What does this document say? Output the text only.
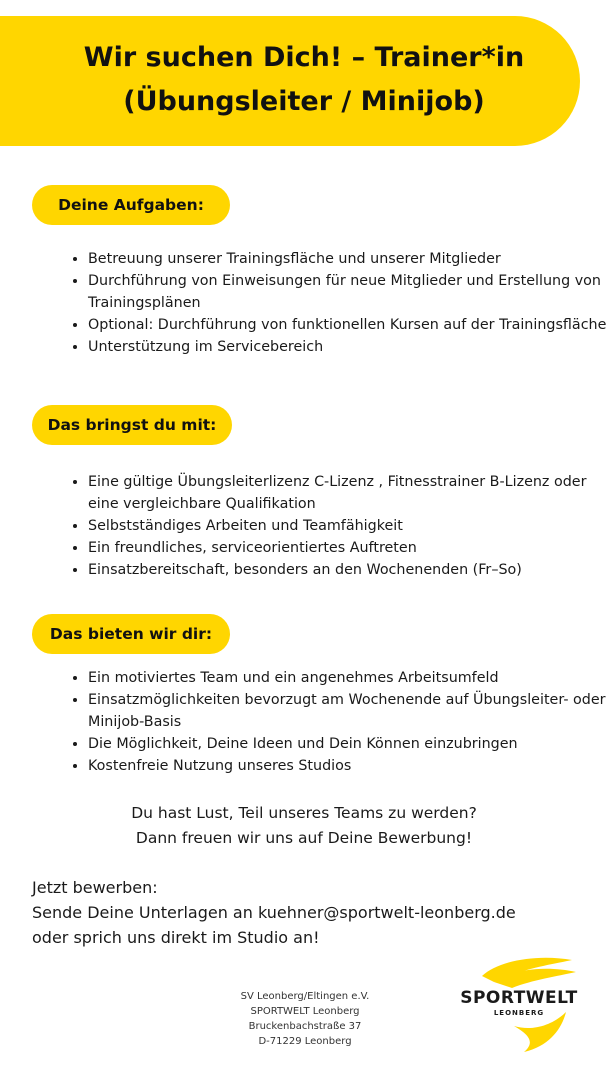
Wir suchen Dich! – Trainer*in
(Übungsleiter / Minijob)
Deine Aufgaben:
• Betreuung unserer Trainingsfläche und unserer Mitglieder
• Durchführung von Einweisungen für neue Mitglieder und Erstellung von Trainingsplänen
• Optional: Durchführung von funktionellen Kursen auf der Trainingsfläche
• Unterstützung im Servicebereich
Das bringst du mit:
• Eine gültige Übungsleiterlizenz C-Lizenz , Fitnesstrainer B-Lizenz oder eine vergleichbare Qualifikation
• Selbstständiges Arbeiten und Teamfähigkeit
• Ein freundliches, serviceorientiertes Auftreten
• Einsatzbereitschaft, besonders an den Wochenenden (Fr–So)
Das bieten wir dir:
• Ein motiviertes Team und ein angenehmes Arbeitsumfeld
• Einsatzmöglichkeiten bevorzugt am Wochenende auf Übungsleiter- oder Minijob-Basis
• Die Möglichkeit, Deine Ideen und Dein Können einzubringen
• Kostenfreie Nutzung unseres Studios
Du hast Lust, Teil unseres Teams zu werden?
Dann freuen wir uns auf Deine Bewerbung!
Jetzt bewerben:
Sende Deine Unterlagen an kuehner@sportwelt-leonberg.de
oder sprich uns direkt im Studio an!
SV Leonberg/Eltingen e.V.
SPORTWELT Leonberg
Bruckenbachstraße 37
D-71229 Leonberg
SPORTWELT
LEONBERG
